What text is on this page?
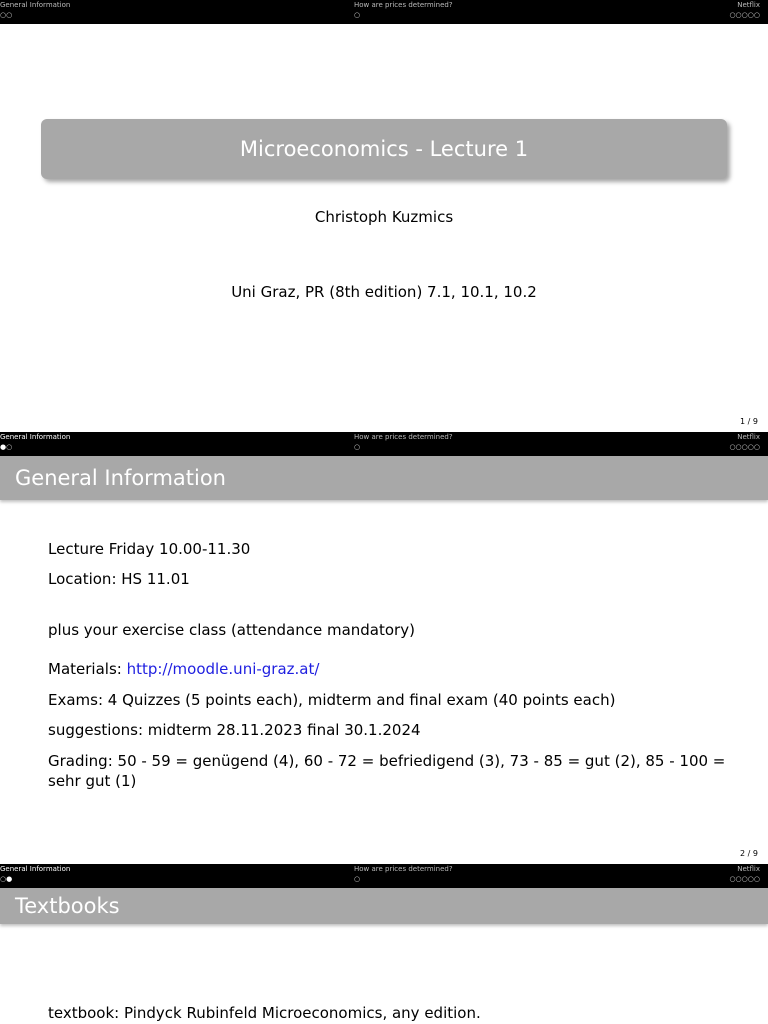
General Information
○○
How are prices determined?
○
Netflix
○○○○○
Microeconomics - Lecture 1
Christoph Kuzmics
Uni Graz, PR (8th edition) 7.1, 10.1, 10.2
1 / 9
General Information
●○
How are prices determined?
○
Netflix
○○○○○
General Information
Lecture Friday 10.00-11.30
Location: HS 11.01
plus your exercise class (attendance mandatory)
Materials: http://moodle.uni-graz.at/
Exams: 4 Quizzes (5 points each), midterm and final exam (40 points each)
suggestions: midterm 28.11.2023 final 30.1.2024
Grading: 50 - 59 = genügend (4), 60 - 72 = befriedigend (3), 73 - 85 = gut (2), 85 - 100 = sehr gut (1)
2 / 9
General Information
○●
How are prices determined?
○
Netflix
○○○○○
Textbooks
textbook: Pindyck Rubinfeld Microeconomics, any edition.
